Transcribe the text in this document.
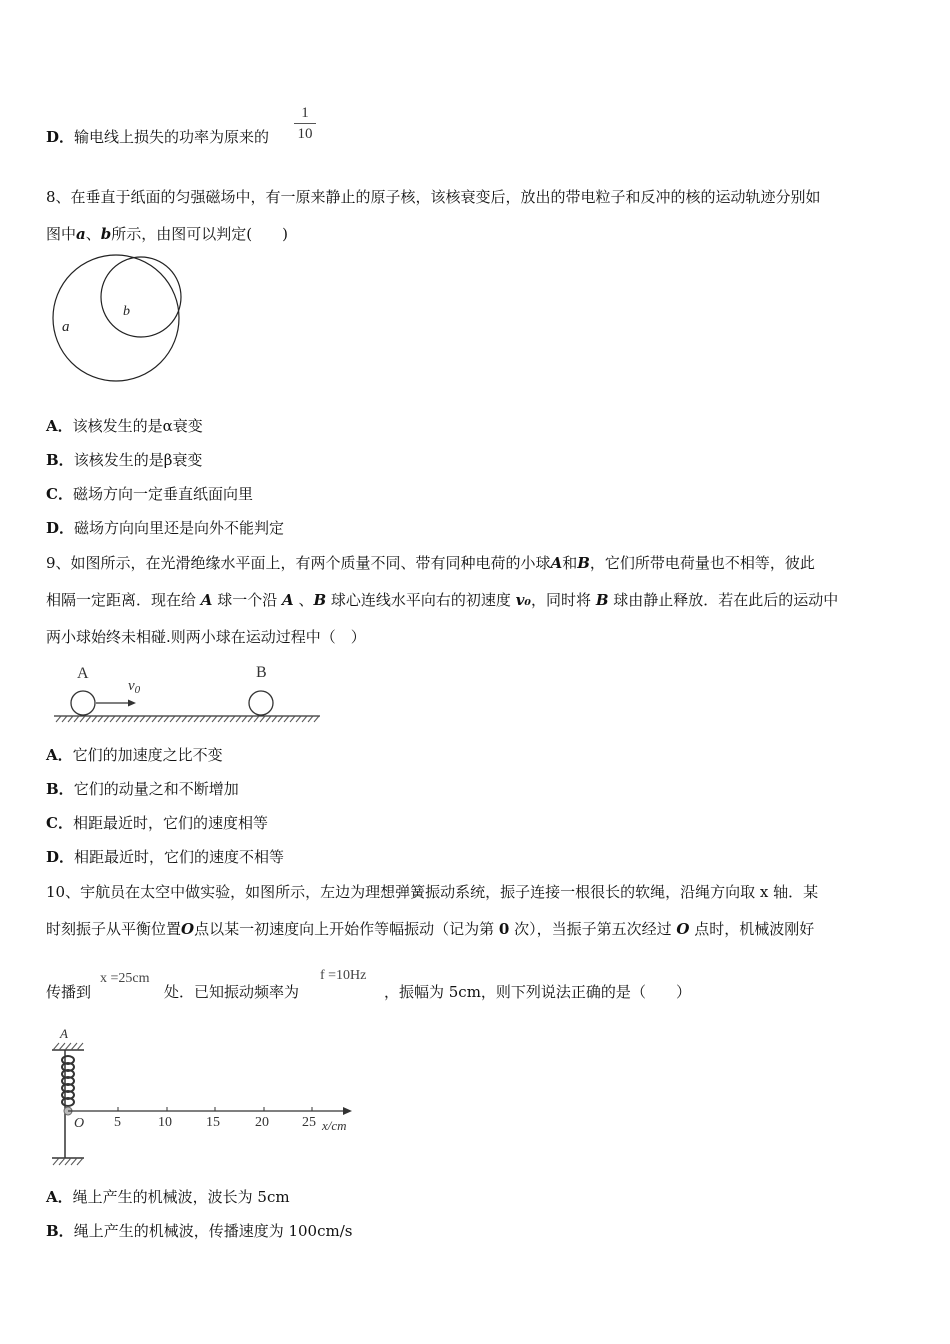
D．输电线上损失的功率为原来的 $\frac{1}{10}$
8、在垂直于纸面的匀强磁场中，有一原来静止的原子核，该核衰变后，放出的带电粒子和反冲的核的运动轨迹分别如
图中a、b所示，由图可以判定(　　)
b
a
A．该核发生的是α衰变
B．该核发生的是β衰变
C．磁场方向一定垂直纸面向里
D．磁场方向向里还是向外不能判定
9、如图所示，在光滑绝缘水平面上，有两个质量不同、带有同种电荷的小球A和B，它们所带电荷量也不相等，彼此
相隔一定距离．现在给 A 球一个沿 A 、B 球心连线水平向右的初速度 v₀，同时将 B 球由静止释放．若在此后的运动中
两小球始终未相碰.则两小球在运动过程中（　）
A	B
$v_0$
A．它们的加速度之比不变
B．它们的动量之和不断增加
C．相距最近时，它们的速度相等
D．相距最近时，它们的速度不相等
10、宇航员在太空中做实验，如图所示，左边为理想弹簧振动系统，振子连接一根很长的软绳，沿绳方向取 x 轴．某
时刻振子从平衡位置O点以某一初速度向上开始作等幅振动（记为第 0 次），当振子第五次经过 O 点时，机械波刚好
传播到
x =25cm
处．已知振动频率为
f =10Hz
，振幅为 5cm，则下列说法正确的是（　　）
A
O 5	10 15	20 25 x/cm
A．绳上产生的机械波，波长为 5cm
B．绳上产生的机械波，传播速度为 100cm/s
